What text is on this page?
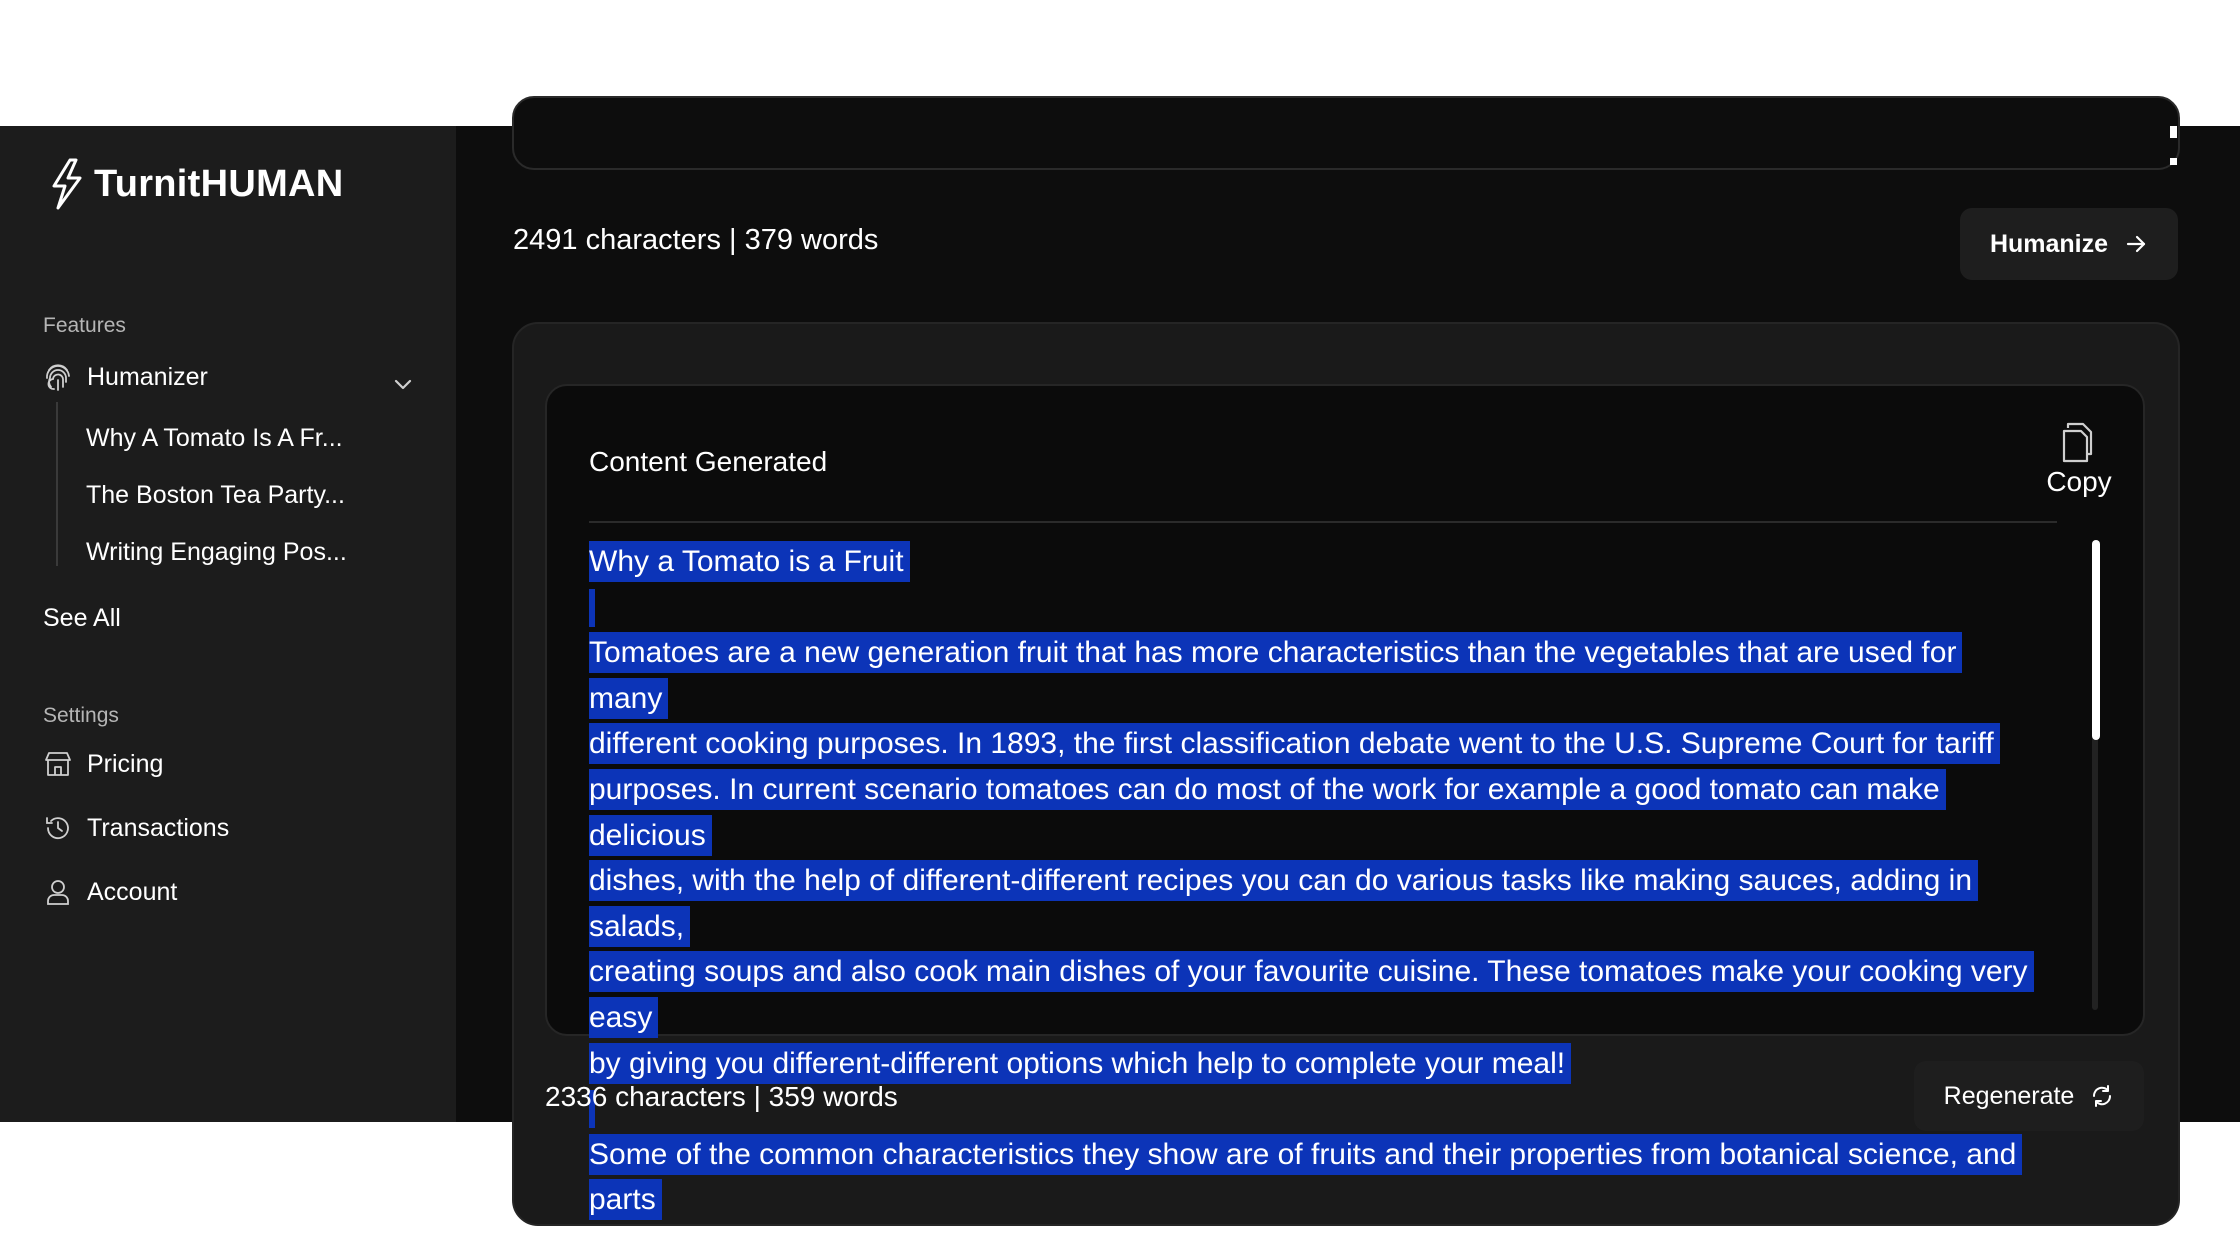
TurnitHUMAN
Features
Humanizer
Why A Tomato Is A Fr...
The Boston Tea Party...
Writing Engaging Pos...
See All
Settings
Pricing
Transactions
Account
2491 characters | 379 words	Humanize
Content Generated
Copy

Why a Tomato is a Fruit

Tomatoes are a new generation fruit that has more characteristics than the vegetables that are used for many
different cooking purposes. In 1893, the first classification debate went to the U.S. Supreme Court for tariff
purposes. In current scenario tomatoes can do most of the work for example a good tomato can make delicious
dishes, with the help of different-different recipes you can do various tasks like making sauces, adding in salads,
creating soups and also cook main dishes of your favourite cuisine. These tomatoes make your cooking very easy
by giving you different-different options which help to complete your meal!

Some of the common characteristics they show are of fruits and their properties from botanical science, and parts

2336 characters | 359 words	Regenerate
